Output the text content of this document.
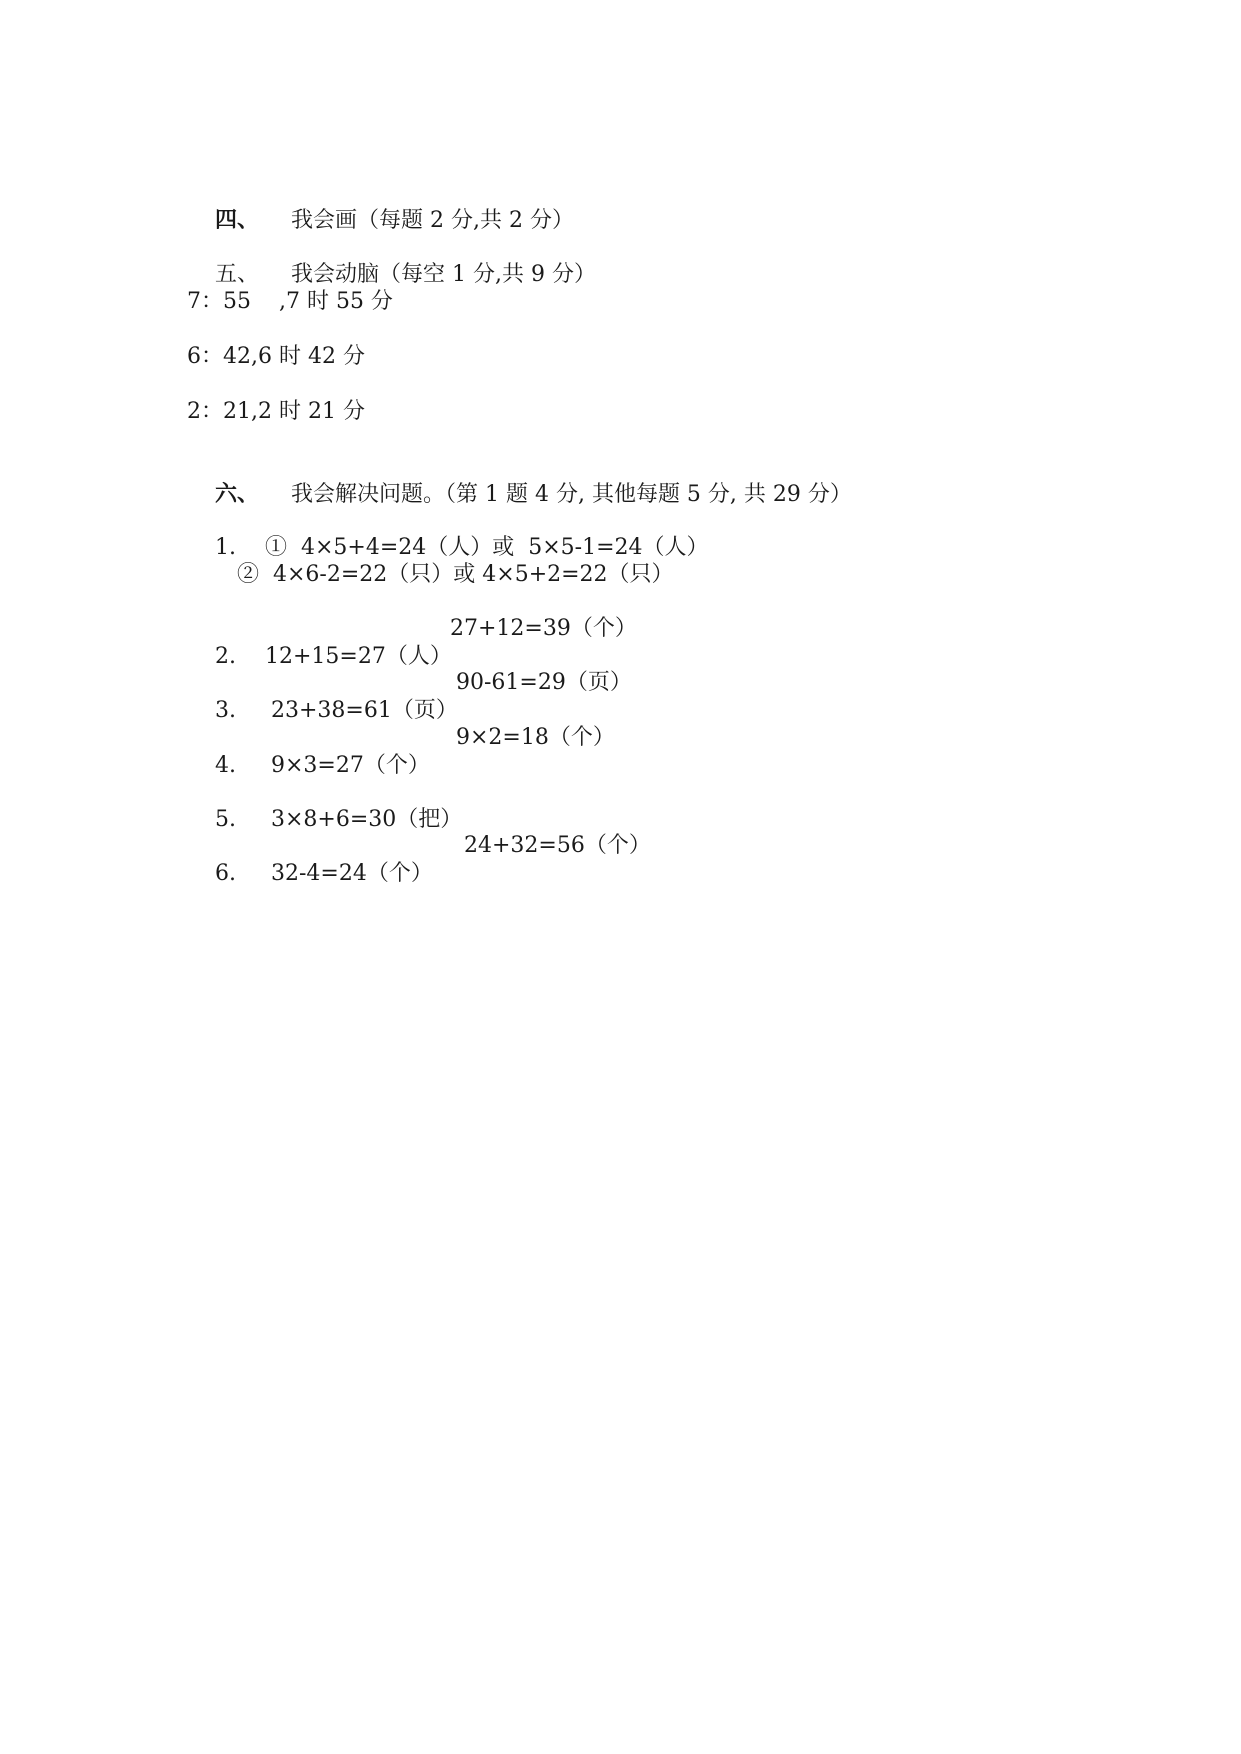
四、 我会画（每题 2 分,共 2 分）

五、 我会动脑（每空 1 分,共 9 分）

7：55    ,7 时 55 分
6：42,6 时 42 分
2：21,2 时 21 分

六、 我会解决问题。（第 1 题 4 分, 其他每题 5 分, 共 29 分）

1. ①  4×5+4=24（人）或  5×5-1=24（人）

②  4×6-2=22（只）或 4×5+2=22（只）

2. 12+15=27（人）

27+12=39（个）

3. 23+38=61（页）

90-61=29（页）

4. 9×3=27（个）

9×2=18（个）

5. 3×8+6=30（把）

6. 32-4=24（个）

24+32=56（个）
